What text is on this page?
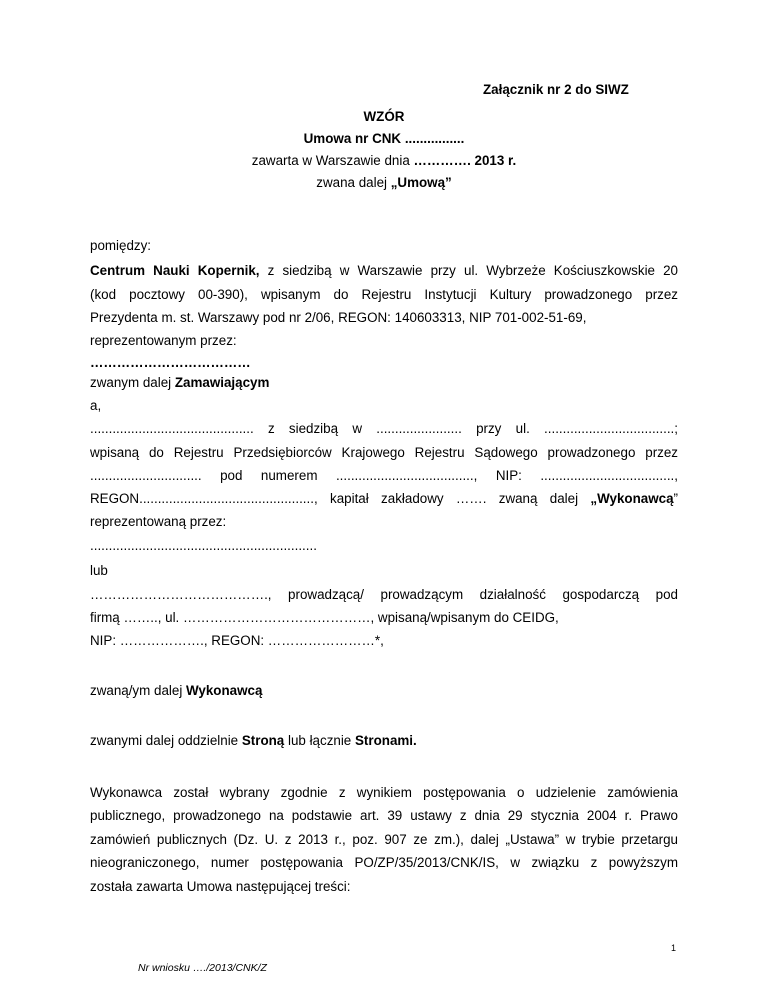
Załącznik nr 2 do SIWZ
WZÓR
Umowa nr CNK ................
zawarta w Warszawie dnia …………. 2013 r.
zwana dalej „Umową”
pomiędzy:
Centrum Nauki Kopernik, z siedzibą w Warszawie przy ul. Wybrzeże Kościuszkowskie 20
(kod pocztowy 00-390), wpisanym do Rejestru Instytucji Kultury prowadzonego przez
Prezydenta m. st. Warszawy pod nr 2/06, REGON: 140603313, NIP 701-002-51-69,
reprezentowanym przez:
………………………………
zwanym dalej Zamawiającym
a,
............................................ z siedzibą w ....................... przy ul. ...................................;
wpisaną do Rejestru Przedsiębiorców Krajowego Rejestru Sądowego prowadzonego przez
.............................. pod numerem ....................................., NIP: ....................................,
REGON..............................................., kapitał zakładowy ……. zwaną dalej „Wykonawcą”
reprezentowaną przez:
.............................................................
lub
…………………………………., prowadzącą/ prowadzącym działalność gospodarczą pod
firmą …….., ul. ……………………………………, wpisaną/wpisanym do CEIDG,
NIP: ………………., REGON: ……………………*,
zwaną/ym dalej Wykonawcą
zwanymi dalej oddzielnie Stroną lub łącznie Stronami.
Wykonawca został wybrany zgodnie z wynikiem postępowania o udzielenie zamówienia
publicznego, prowadzonego na podstawie art. 39 ustawy z dnia 29 stycznia 2004 r. Prawo
zamówień publicznych (Dz. U. z 2013 r., poz. 907 ze zm.), dalej „Ustawa” w trybie przetargu
nieograniczonego, numer postępowania PO/ZP/35/2013/CNK/IS, w związku z powyższym
została zawarta Umowa następującej treści:
1
Nr wniosku …./2013/CNK/Z
